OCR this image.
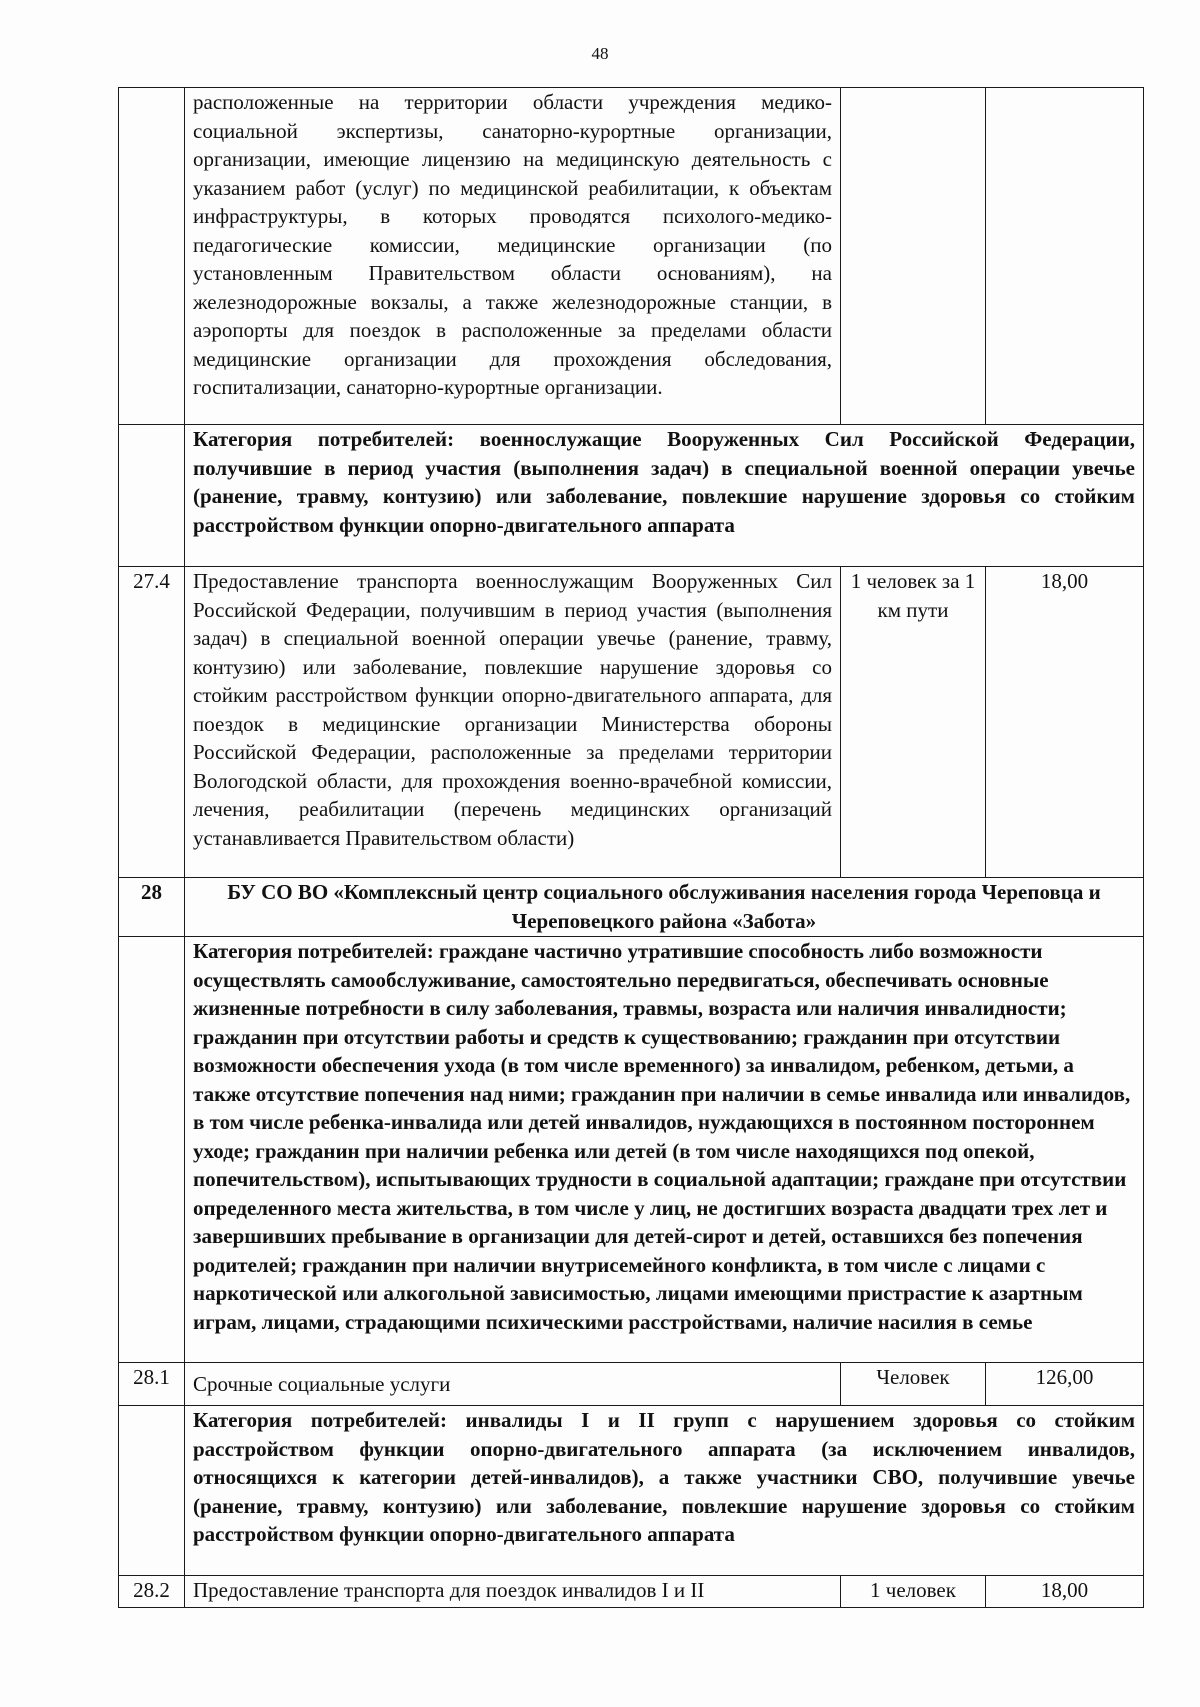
48
	расположенные на территории области учреждения медико-социальной экспертизы, санаторно-курортные организации, организации, имеющие лицензию на медицинскую деятельность с указанием работ (услуг) по медицинской реабилитации, к объектам инфраструктуры, в которых проводятся психолого-медико-педагогические комиссии, медицинские организации (по установленным Правительством области основаниям), на железнодорожные вокзалы, а также железнодорожные станции, в аэропорты для поездок в расположенные за пределами области медицинские организации для прохождения обследования, госпитализации, санаторно-курортные организации.		
	Категория потребителей: военнослужащие Вооруженных Сил Российской Федерации, получившие в период участия (выполнения задач) в специальной военной операции увечье (ранение, травму, контузию) или заболевание, повлекшие нарушение здоровья со стойким расстройством функции опорно-двигательного аппарата		
27.4	Предоставление транспорта военнослужащим Вооруженных Сил Российской Федерации, получившим в период участия (выполнения задач) в специальной военной операции увечье (ранение, травму, контузию) или заболевание, повлекшие нарушение здоровья со стойким расстройством функции опорно-двигательного аппарата, для поездок в медицинские организации Министерства обороны Российской Федерации, расположенные за пределами территории Вологодской области, для прохождения военно-врачебной комиссии, лечения, реабилитации (перечень медицинских организаций устанавливается Правительством области)	1 человек за 1 км пути	18,00
28	БУ СО ВО «Комплексный центр социального обслуживания населения города Череповца и Череповецкого района «Забота»		
	Категория потребителей: граждане частично утратившие способность либо возможности осуществлять самообслуживание, самостоятельно передвигаться, обеспечивать основные жизненные потребности в силу заболевания, травмы, возраста или наличия инвалидности; гражданин при отсутствии работы и средств к существованию; гражданин при отсутствии возможности обеспечения ухода (в том числе временного) за инвалидом, ребенком, детьми, а также отсутствие попечения над ними; гражданин при наличии в семье инвалида или инвалидов, в том числе ребенка-инвалида или детей инвалидов, нуждающихся в постоянном постороннем уходе; гражданин при наличии ребенка или детей (в том числе находящихся под опекой, попечительством), испытывающих трудности в социальной адаптации; граждане при отсутствии определенного места жительства, в том числе у лиц, не достигших возраста двадцати трех лет и завершивших пребывание в организации для детей-сирот и детей, оставшихся без попечения родителей; гражданин при наличии внутрисемейного конфликта, в том числе с лицами с наркотической или алкогольной зависимостью, лицами имеющими пристрастие к азартным играм, лицами, страдающими психическими расстройствами, наличие насилия в семье		
28.1	Срочные социальные услуги	Человек	126,00
	Категория потребителей: инвалиды I и II групп с нарушением здоровья со стойким расстройством функции опорно-двигательного аппарата (за исключением инвалидов, относящихся к категории детей-инвалидов), а также участники СВО, получившие увечье (ранение, травму, контузию) или заболевание, повлекшие нарушение здоровья со стойким расстройством функции опорно-двигательного аппарата		
28.2	Предоставление транспорта для поездок инвалидов I и II	1 человек	18,00
